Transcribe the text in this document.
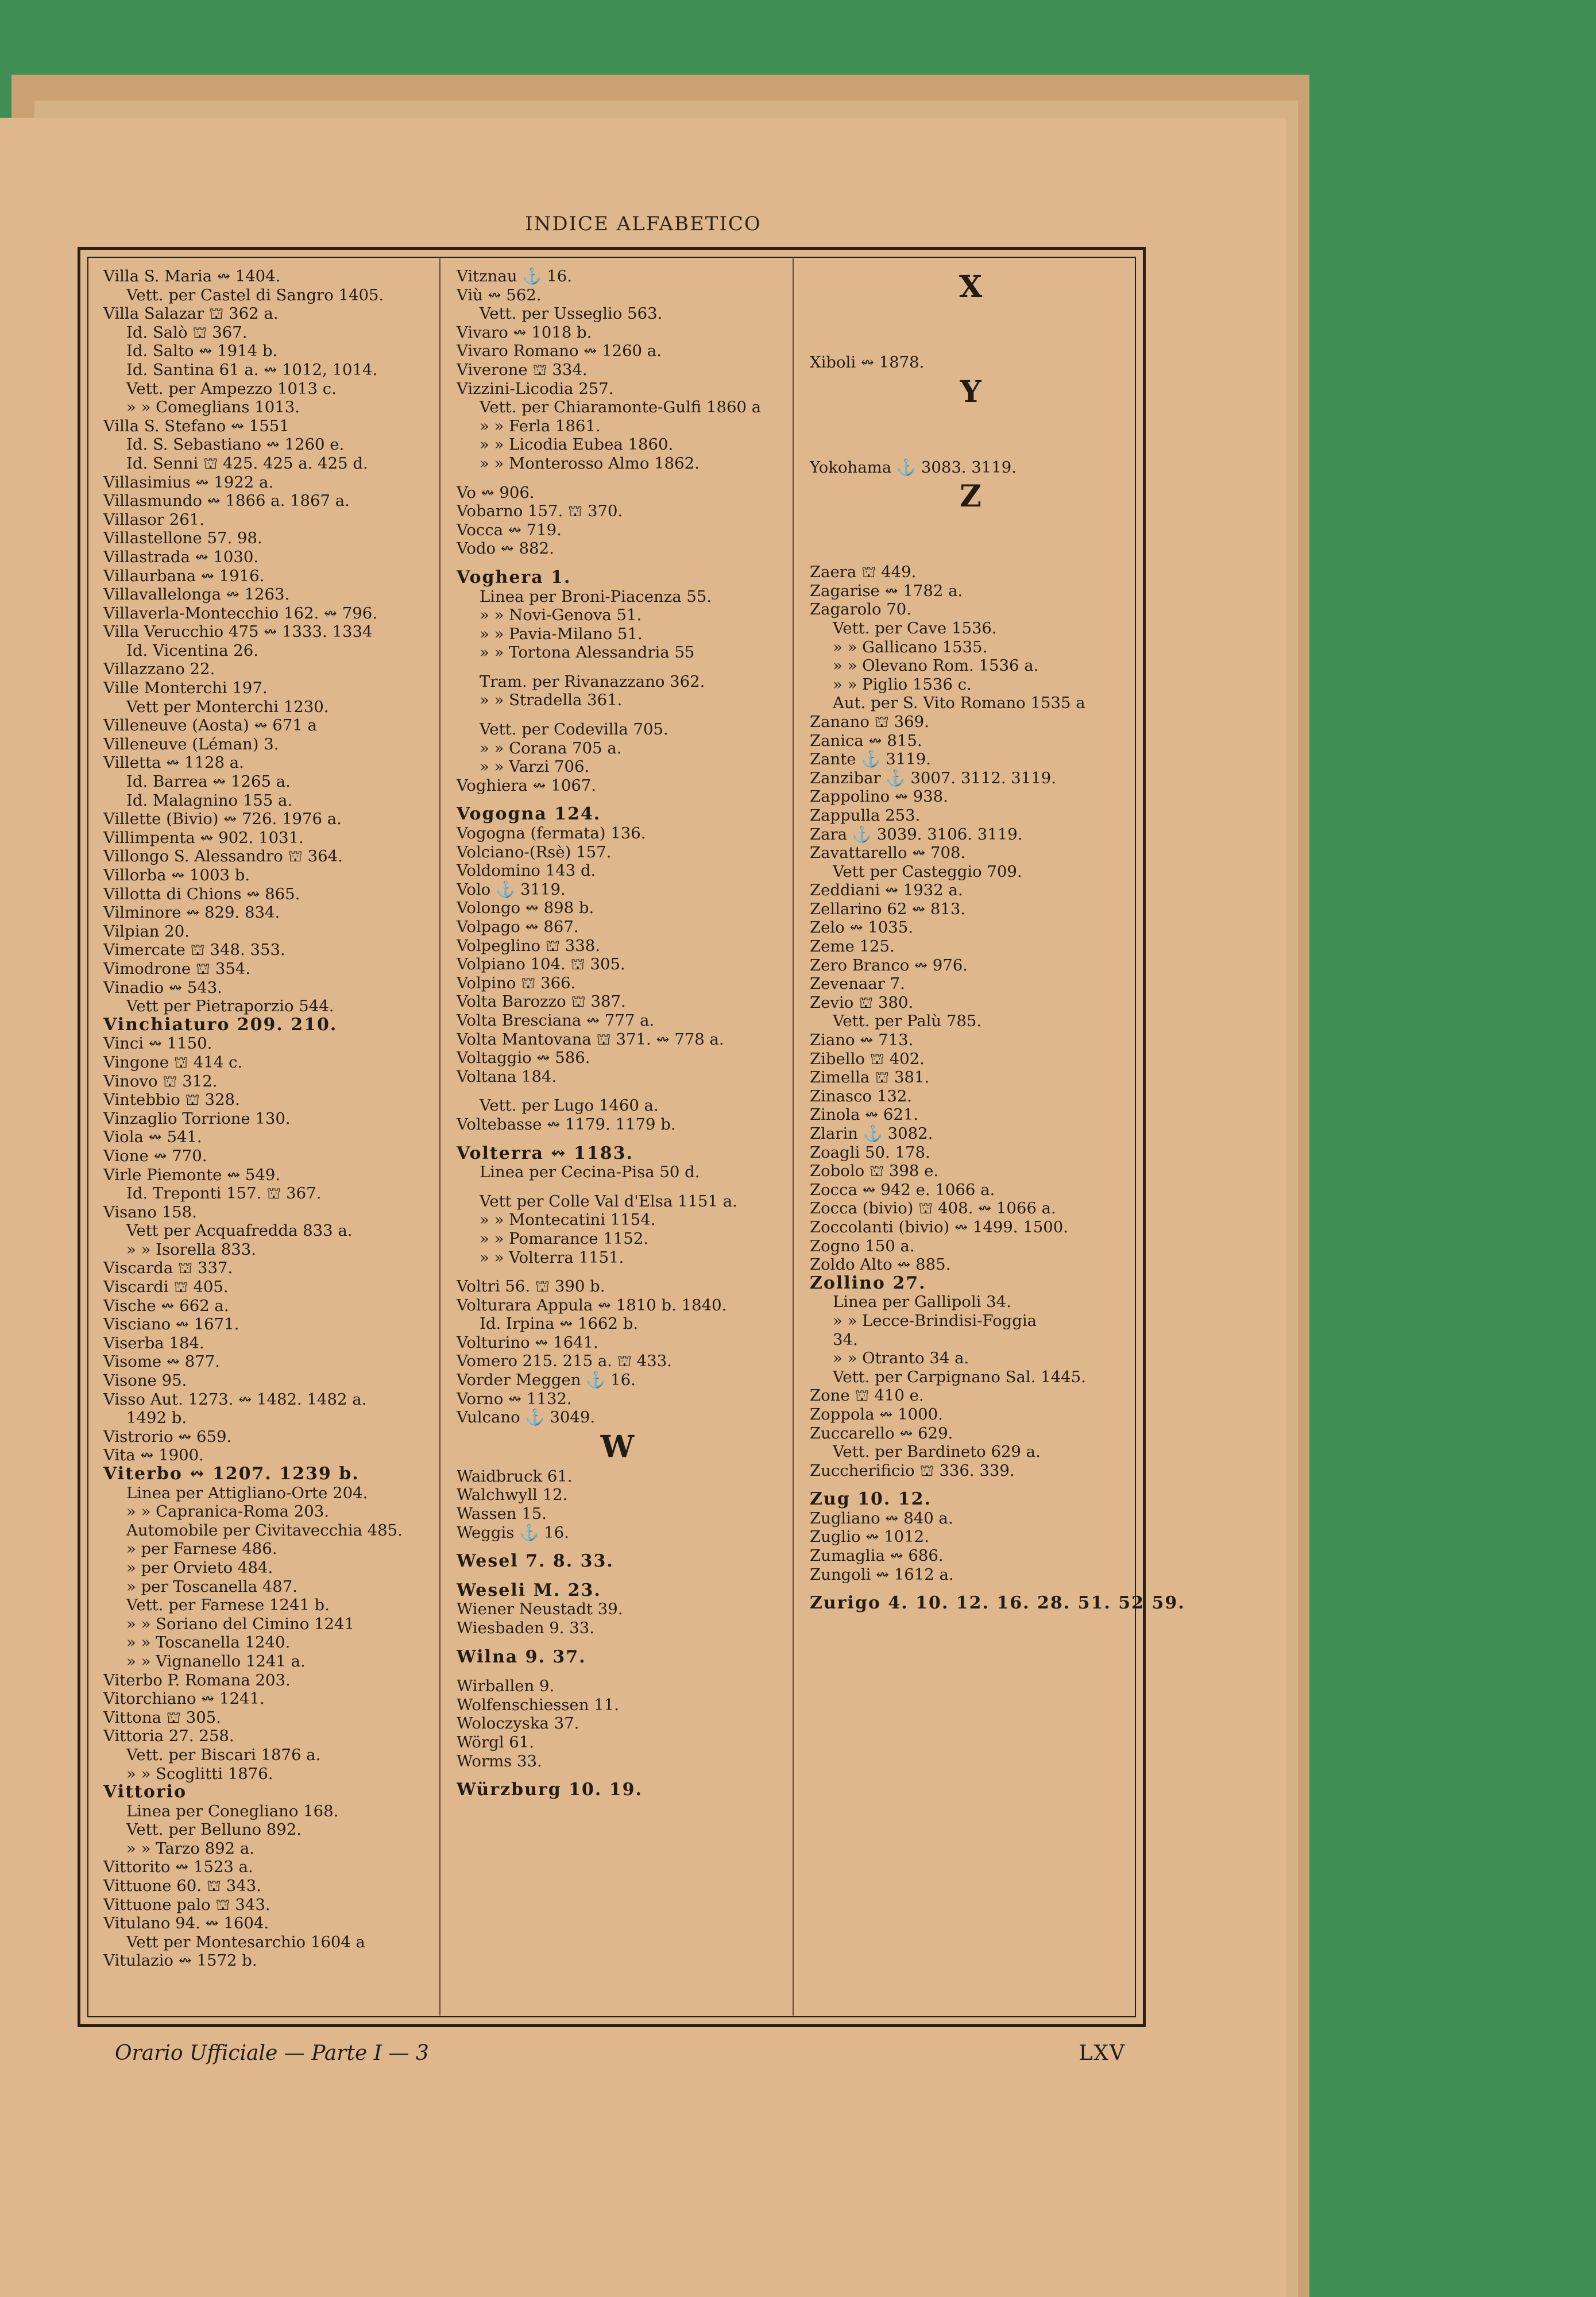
INDICE ALFABETICO
Villa S. Maria ↭ 1404.
Vett. per Castel di Sangro 1405.
Villa Salazar ⛫ 362 a.
Id. Salò ⛫ 367.
Id. Salto ↭ 1914 b.
Id. Santina 61 a. ↭ 1012, 1014.
Vett. per Ampezzo 1013 c.
» » Comeglians 1013.
Villa S. Stefano ↭ 1551
Id. S. Sebastiano ↭ 1260 e.
Id. Senni ⛫ 425. 425 a. 425 d.
Villasimius ↭ 1922 a.
Villasmundo ↭ 1866 a. 1867 a.
Villasor 261.
Villastellone 57. 98.
Villastrada ↭ 1030.
Villaurbana ↭ 1916.
Villavallelonga ↭ 1263.
Villaverla-Montecchio 162. ↭ 796.
Villa Verucchio 475 ↭ 1333. 1334
Id. Vicentina 26.
Villazzano 22.
Ville Monterchi 197.
Vett per Monterchi 1230.
Villeneuve (Aosta) ↭ 671 a
Villeneuve (Léman) 3.
Villetta ↭ 1128 a.
Id. Barrea ↭ 1265 a.
Id. Malagnino 155 a.
Villette (Bivio) ↭ 726. 1976 a.
Villimpenta ↭ 902. 1031.
Villongo S. Alessandro ⛫ 364.
Villorba ↭ 1003 b.
Villotta di Chions ↭ 865.
Vilminore ↭ 829. 834.
Vilpian 20.
Vimercate ⛫ 348. 353.
Vimodrone ⛫ 354.
Vinadio ↭ 543.
Vett per Pietraporzio 544.
Vinchiaturo 209. 210.
Vinci ↭ 1150.
Vingone ⛫ 414 c.
Vinovo ⛫ 312.
Vintebbio ⛫ 328.
Vinzaglio Torrione 130.
Viola ↭ 541.
Vione ↭ 770.
Virle Piemonte ↭ 549.
Id. Treponti 157. ⛫ 367.
Visano 158.
Vett per Acquafredda 833 a.
» » Isorella 833.
Viscarda ⛫ 337.
Viscardi ⛫ 405.
Vische ↭ 662 a.
Visciano ↭ 1671.
Viserba 184.
Visome ↭ 877.
Visone 95.
Visso Aut. 1273. ↭ 1482. 1482 a.
1492 b.
Vistrorio ↭ 659.
Vita ↭ 1900.
Viterbo ↭ 1207. 1239 b.
Linea per Attigliano-Orte 204.
» » Capranica-Roma 203.
Automobile per Civitavecchia 485.
» per Farnese 486.
» per Orvieto 484.
» per Toscanella 487.
Vett. per Farnese 1241 b.
» » Soriano del Cimino 1241
» » Toscanella 1240.
» » Vignanello 1241 a.
Viterbo P. Romana 203.
Vitorchiano ↭ 1241.
Vittona ⛫ 305.
Vittoria 27. 258.
Vett. per Biscari 1876 a.
» » Scoglitti 1876.
Vittorio
Linea per Conegliano 168.
Vett. per Belluno 892.
» » Tarzo 892 a.
Vittorito ↭ 1523 a.
Vittuone 60. ⛫ 343.
Vittuone palo ⛫ 343.
Vitulano 94. ↭ 1604.
Vett per Montesarchio 1604 a
Vitulazio ↭ 1572 b.
Vitznau ⚓ 16.
Viù ↭ 562.
Vett. per Usseglio 563.
Vivaro ↭ 1018 b.
Vivaro Romano ↭ 1260 a.
Viverone ⛫ 334.
Vizzini-Licodia 257.
Vett. per Chiaramonte-Gulfi 1860 a
» » Ferla 1861.
» » Licodia Eubea 1860.
» » Monterosso Almo 1862.
Vo ↭ 906.
Vobarno 157. ⛫ 370.
Vocca ↭ 719.
Vodo ↭ 882.
Voghera 1.
Linea per Broni-Piacenza 55.
» » Novi-Genova 51.
» » Pavia-Milano 51.
» » Tortona Alessandria 55
Tram. per Rivanazzano 362.
» » Stradella 361.
Vett. per Codevilla 705.
» » Corana 705 a.
» » Varzi 706.
Voghiera ↭ 1067.
Vogogna 124.
Vogogna (fermata) 136.
Volciano-(Rsè) 157.
Voldomino 143 d.
Volo ⚓ 3119.
Volongo ↭ 898 b.
Volpago ↭ 867.
Volpeglino ⛫ 338.
Volpiano 104. ⛫ 305.
Volpino ⛫ 366.
Volta Barozzo ⛫ 387.
Volta Bresciana ↭ 777 a.
Volta Mantovana ⛫ 371. ↭ 778 a.
Voltaggio ↭ 586.
Voltana 184.
Vett. per Lugo 1460 a.
Voltebasse ↭ 1179. 1179 b.
Volterra ↭ 1183.
Linea per Cecina-Pisa 50 d.
Vett per Colle Val d'Elsa 1151 a.
» » Montecatini 1154.
» » Pomarance 1152.
» » Volterra 1151.
Voltri 56. ⛫ 390 b.
Volturara Appula ↭ 1810 b. 1840.
Id. Irpina ↭ 1662 b.
Volturino ↭ 1641.
Vomero 215. 215 a. ⛫ 433.
Vorder Meggen ⚓ 16.
Vorno ↭ 1132.
Vulcano ⚓ 3049.
W
Waidbruck 61.
Walchwyll 12.
Wassen 15.
Weggis ⚓ 16.
Wesel 7. 8. 33.
Weseli M. 23.
Wiener Neustadt 39.
Wiesbaden 9. 33.
Wilna 9. 37.
Wirballen 9.
Wolfenschiessen 11.
Woloczyska 37.
Wörgl 61.
Worms 33.
Würzburg 10. 19.
X
Xiboli ↭ 1878.
Y
Yokohama ⚓ 3083. 3119.
Z
Zaera ⛫ 449.
Zagarise ↭ 1782 a.
Zagarolo 70.
Vett. per Cave 1536.
» » Gallicano 1535.
» » Olevano Rom. 1536 a.
» » Piglio 1536 c.
Aut. per S. Vito Romano 1535 a
Zanano ⛫ 369.
Zanica ↭ 815.
Zante ⚓ 3119.
Zanzibar ⚓ 3007. 3112. 3119.
Zappolino ↭ 938.
Zappulla 253.
Zara ⚓ 3039. 3106. 3119.
Zavattarello ↭ 708.
Vett per Casteggio 709.
Zeddiani ↭ 1932 a.
Zellarino 62 ↭ 813.
Zelo ↭ 1035.
Zeme 125.
Zero Branco ↭ 976.
Zevenaar 7.
Zevio ⛫ 380.
Vett. per Palù 785.
Ziano ↭ 713.
Zibello ⛫ 402.
Zimella ⛫ 381.
Zinasco 132.
Zinola ↭ 621.
Zlarin ⚓ 3082.
Zoagli 50. 178.
Zobolo ⛫ 398 e.
Zocca ↭ 942 e. 1066 a.
Zocca (bivio) ⛫ 408. ↭ 1066 a.
Zoccolanti (bivio) ↭ 1499. 1500.
Zogno 150 a.
Zoldo Alto ↭ 885.
Zollino 27.
Linea per Gallipoli 34.
» » Lecce-Brindisi-Foggia
34.
» » Otranto 34 a.
Vett. per Carpignano Sal. 1445.
Zone ⛫ 410 e.
Zoppola ↭ 1000.
Zuccarello ↭ 629.
Vett. per Bardineto 629 a.
Zuccherificio ⛫ 336. 339.
Zug 10. 12.
Zugliano ↭ 840 a.
Zuglio ↭ 1012.
Zumaglia ↭ 686.
Zungoli ↭ 1612 a.
Zurigo 4. 10. 12. 16. 28. 51. 52 59.
Orario Ufficiale — Parte I — 3	LXV
